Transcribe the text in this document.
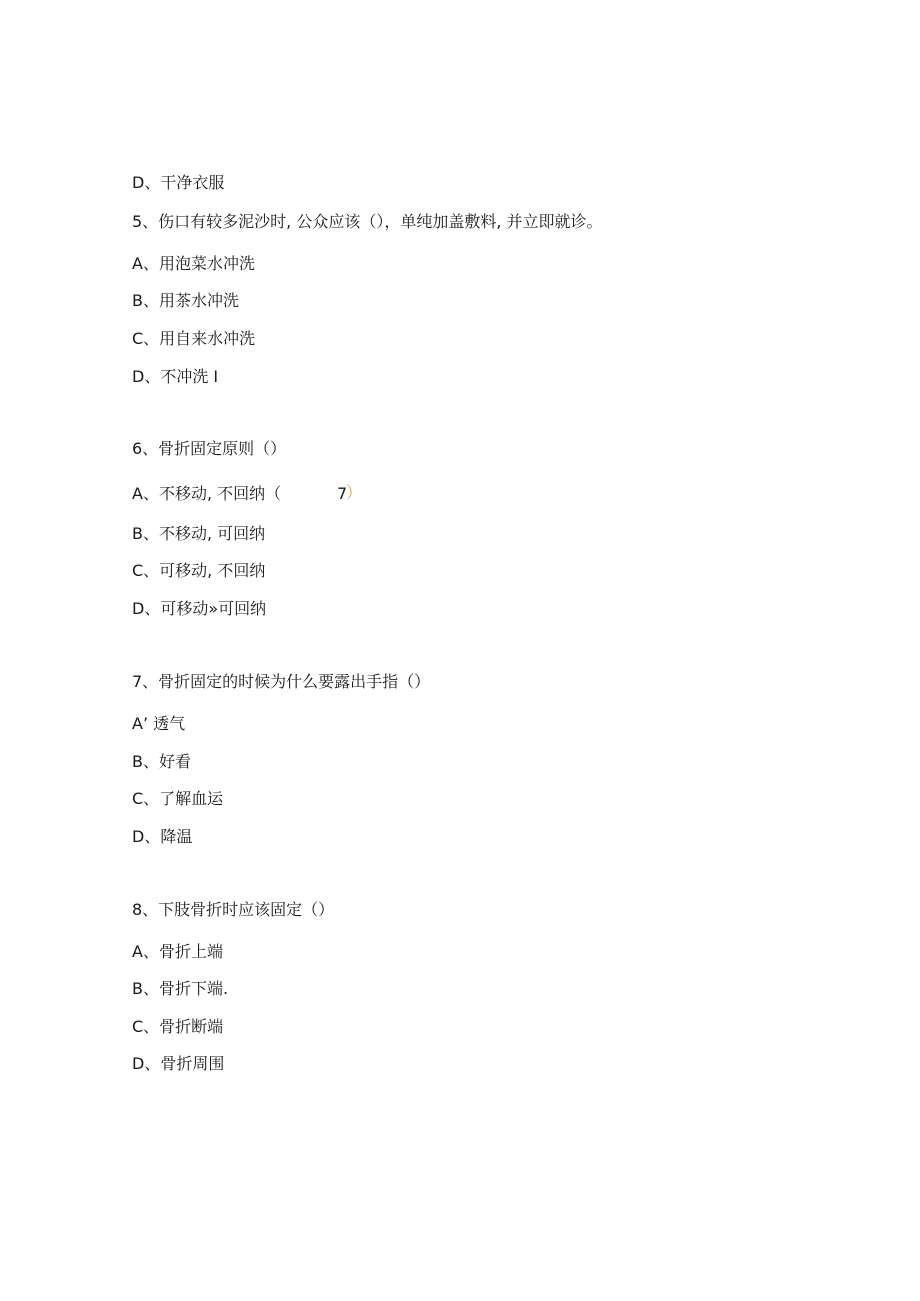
D、干净衣服
5、伤口有较多泥沙时, 公众应该（），单纯加盖敷料, 并立即就诊。
A、用泡菜水冲洗
B、用茶水冲洗
C、用自来水冲洗
D、不冲洗 I
6、骨折固定原则（）
A、不移动, 不回纳（	7
）
B、不移动, 可回纳
C、可移动, 不回纳
D、可移动»可回纳
7、骨折固定的时候为什么要露出手指（）
A’ 透气
B、好看
C、了解血运
D、降温
8、下肢骨折时应该固定（）
A、骨折上端
B、骨折下端.
C、骨折断端
D、骨折周围
